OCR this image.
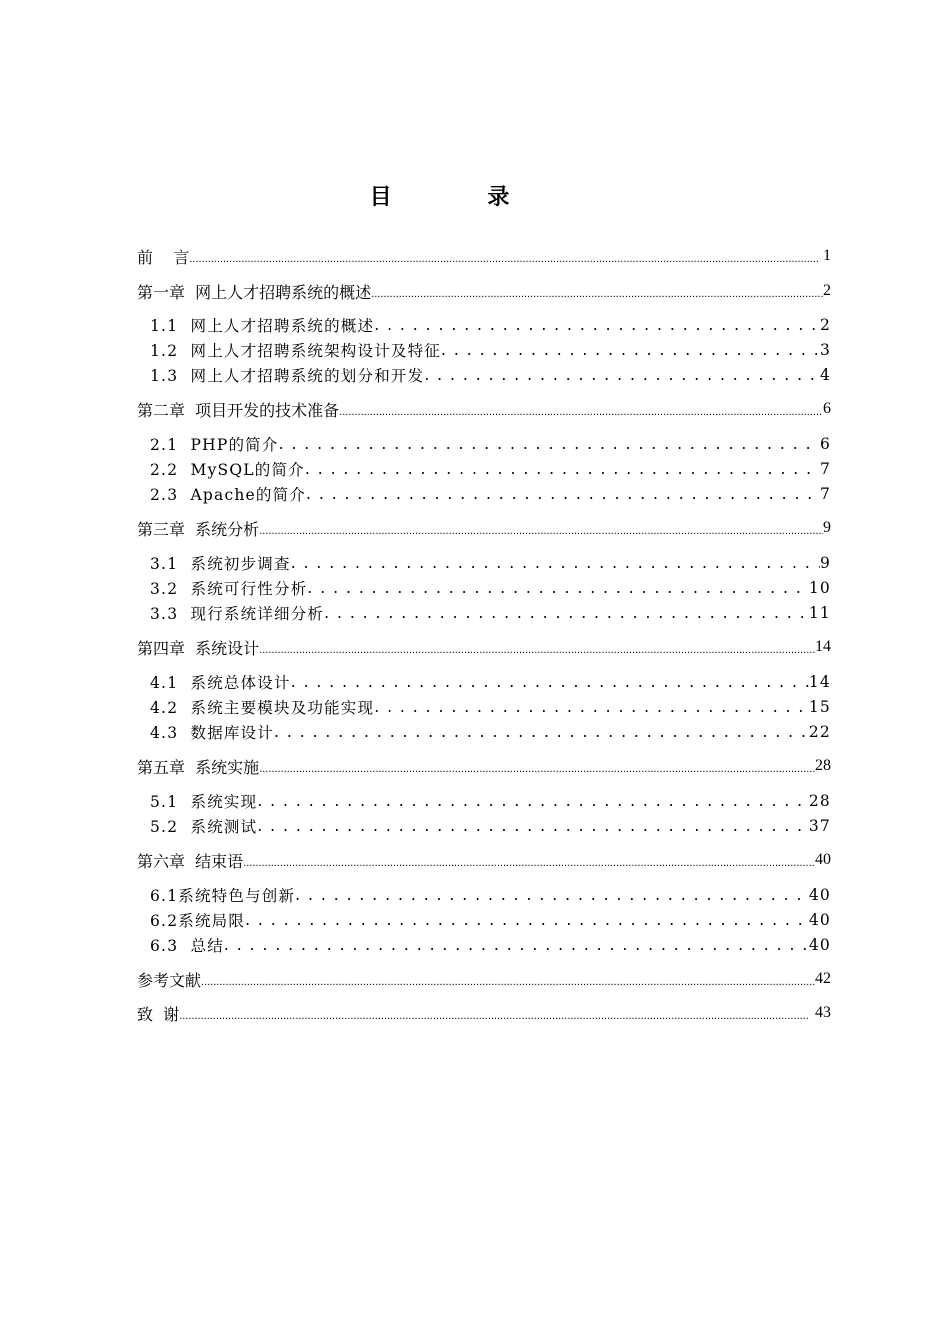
目 录
前    言 .....	1
第一章  网上人才招聘系统的概述 .....	2
1.1  网上人才招聘系统的概述 . . .	2
1.2  网上人才招聘系统架构设计及特征 . . .	3
1.3  网上人才招聘系统的划分和开发 . . .	4
第二章  项目开发的技术准备 .....	6
2.1  PHP的简介 . . .	6
2.2  MySQL的简介 . . .	7
2.3  Apache的简介 . . .	7
第三章  系统分析 .....	9
3.1  系统初步调查 . . .	9
3.2  系统可行性分析 . . .	10
3.3  现行系统详细分析 . . .	11
第四章  系统设计 .....	14
4.1  系统总体设计 . . .	14
4.2  系统主要模块及功能实现 . . .	15
4.3  数据库设计 . . .	22
第五章  系统实施 .....	28
5.1  系统实现 . . .	28
5.2  系统测试 . . .	37
第六章  结束语 .....	40
6.1系统特色与创新 . . .	40
6.2系统局限 . . .	40
6.3  总结 . . .	40
参考文献 .....	42
致  谢 .....	43
